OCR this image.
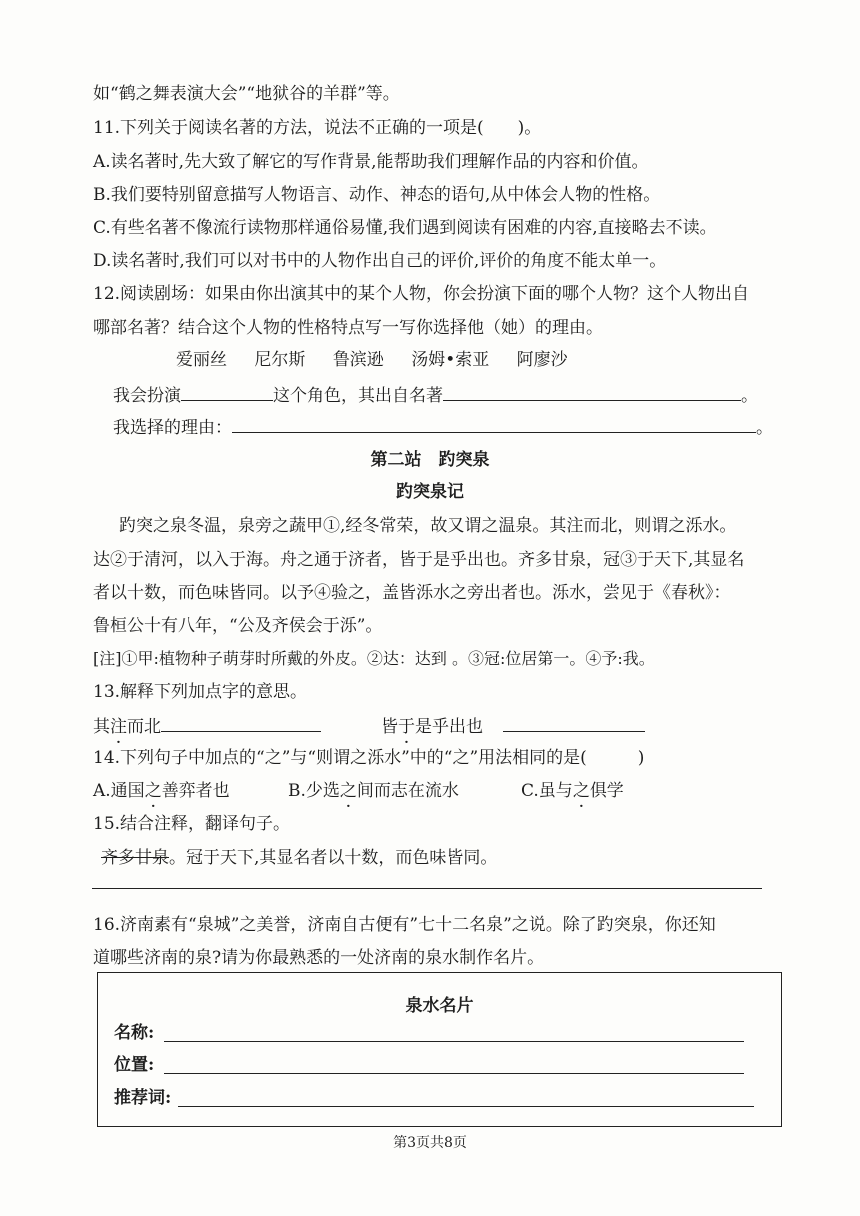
如“鹤之舞表演大会”“地狱谷的羊群”等。
11.下列关于阅读名著的方法，说法不正确的一项是(　　)。
A.读名著时,先大致了解它的写作背景,能帮助我们理解作品的内容和价值。
B.我们要特别留意描写人物语言、动作、神态的语句,从中体会人物的性格。
C.有些名著不像流行读物那样通俗易懂,我们遇到阅读有困难的内容,直接略去不读。
D.读名著时,我们可以对书中的人物作出自己的评价,评价的角度不能太单一。
12.阅读剧场：如果由你出演其中的某个人物，你会扮演下面的哪个人物？这个人物出自
哪部名著？结合这个人物的性格特点写一写你选择他（她）的理由。
爱丽丝 尼尔斯 鲁滨逊 汤姆•索亚 阿廖沙
我会扮演	这个角色，其出自名著	。
我选择的理由：	。
第二站　趵突泉
趵突泉记
趵突之泉冬温，泉旁之蔬甲①,经冬常荣，故又谓之温泉。其注而北，则谓之泺水。
达②于清河，以入于海。舟之通于济者，皆于是乎出也。齐多甘泉，冠③于天下,其显名
者以十数，而色味皆同。以予④验之，盖皆泺水之旁出者也。泺水，尝见于《春秋》：
鲁桓公十有八年，“公及齐侯会于泺”。
[注]①甲:植物种子萌芽时所戴的外皮。②达：达到 。③冠:位居第一。④予:我。
13.解释下列加点字的意思。
其注而北	皆于是乎出也
14.下列句子中加点的“之”与“则谓之泺水”中的“之”用法相同的是(　　　)
A.通国之善弈者也	B.少选之间而志在流水	C.虽与之俱学
15.结合注释，翻译句子。
齐多甘泉。冠于天下,其显名者以十数，而色味皆同。
16.济南素有“泉城”之美誉，济南自古便有”七十二名泉”之说。除了趵突泉，你还知
道哪些济南的泉?请为你最熟悉的一处济南的泉水制作名片。
泉水名片
名称:
位置:
推荐词:
第3页共8页
